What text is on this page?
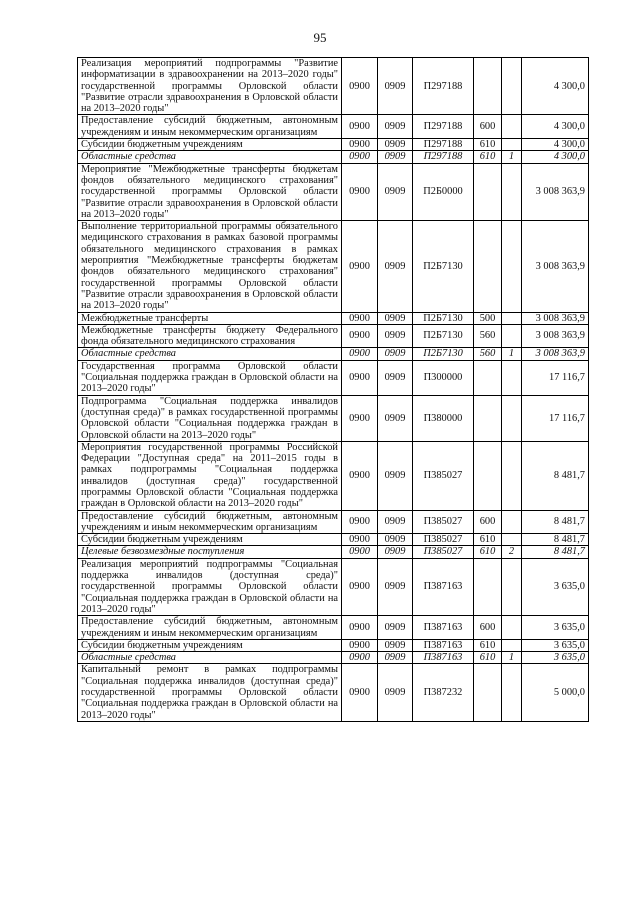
95
Реализация мероприятий подпрограммы "Развитие информатизации в здравоохранении на 2013–2020 годы" государственной программы Орловской области "Развитие отрасли здравоохранения в Орловской области на 2013–2020 годы"	0900	0909	П297188			4 300,0
Предоставление субсидий бюджетным, автономным учреждениям и иным некоммерческим организациям	0900	0909	П297188	600		4 300,0
Субсидии бюджетным учреждениям	0900	0909	П297188	610		4 300,0
Областные средства	0900	0909	П297188	610	1	4 300,0
Мероприятие "Межбюджетные трансферты бюджетам фондов обязательного медицинского страхования" государственной программы Орловской области "Развитие отрасли здравоохранения в Орловской области на 2013–2020 годы"	0900	0909	П2Б0000			3 008 363,9
Выполнение территориальной программы обязательного медицинского страхования в рамках базовой программы обязательного медицинского страхования в рамках мероприятия "Межбюджетные трансферты бюджетам фондов обязательного медицинского страхования" государственной программы Орловской области "Развитие отрасли здравоохранения в Орловской области на 2013–2020 годы"	0900	0909	П2Б7130			3 008 363,9
Межбюджетные трансферты	0900	0909	П2Б7130	500		3 008 363,9
Межбюджетные трансферты бюджету Федерального фонда обязательного медицинского страхования	0900	0909	П2Б7130	560		3 008 363,9
Областные средства	0900	0909	П2Б7130	560	1	3 008 363,9
Государственная программа Орловской области "Социальная поддержка граждан в Орловской области на 2013–2020 годы"	0900	0909	П300000			17 116,7
Подпрограмма "Социальная поддержка инвалидов (доступная среда)" в рамках государственной программы Орловской области "Социальная поддержка граждан в Орловской области на 2013–2020 годы"	0900	0909	П380000			17 116,7
Мероприятия государственной программы Российской Федерации "Доступная среда" на 2011–2015 годы в рамках подпрограммы "Социальная поддержка инвалидов (доступная среда)" государственной программы Орловской области "Социальная поддержка граждан в Орловской области на 2013–2020 годы"	0900	0909	П385027			8 481,7
Предоставление субсидий бюджетным, автономным учреждениям и иным некоммерческим организациям	0900	0909	П385027	600		8 481,7
Субсидии бюджетным учреждениям	0900	0909	П385027	610		8 481,7
Целевые безвозмездные поступления	0900	0909	П385027	610	2	8 481,7
Реализация мероприятий подпрограммы "Социальная поддержка инвалидов (доступная среда)" государственной программы Орловской области "Социальная поддержка граждан в Орловской области на 2013–2020 годы"	0900	0909	П387163			3 635,0
Предоставление субсидий бюджетным, автономным учреждениям и иным некоммерческим организациям	0900	0909	П387163	600		3 635,0
Субсидии бюджетным учреждениям	0900	0909	П387163	610		3 635,0
Областные средства	0900	0909	П387163	610	1	3 635,0
Капитальный ремонт в рамках подпрограммы "Социальная поддержка инвалидов (доступная среда)" государственной программы Орловской области "Социальная поддержка граждан в Орловской области на 2013–2020 годы"	0900	0909	П387232			5 000,0
